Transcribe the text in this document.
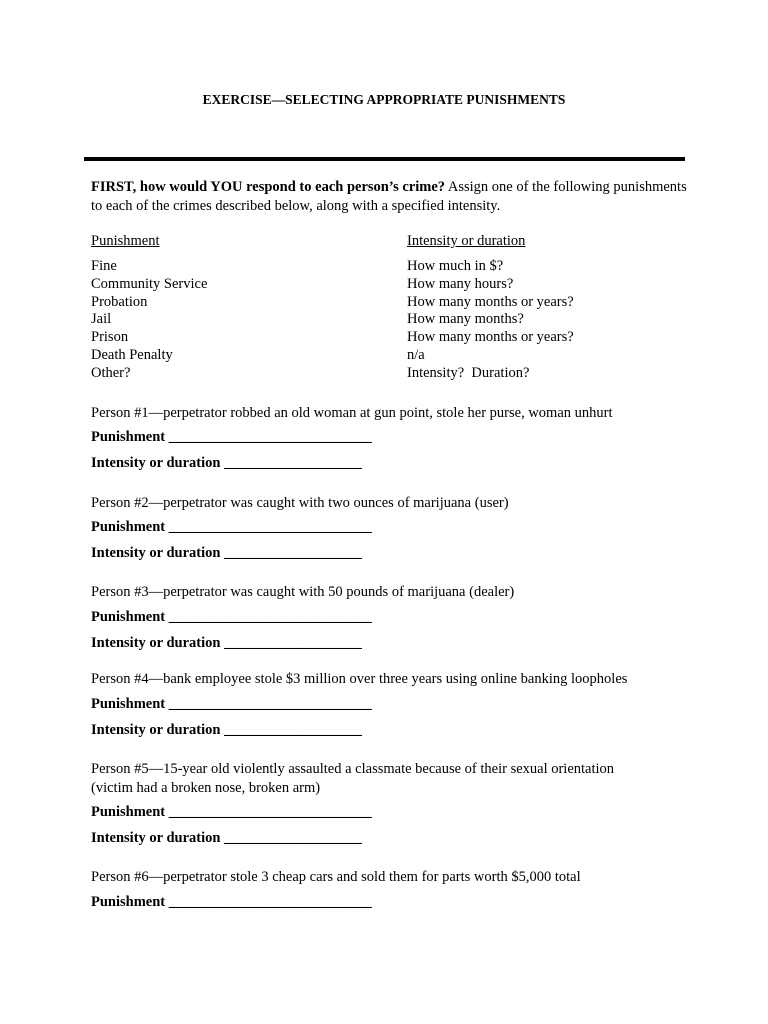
EXERCISE—SELECTING APPROPRIATE PUNISHMENTS
FIRST, how would YOU respond to each person’s crime? Assign one of the following punishments to each of the crimes described below, along with a specified intensity.
Punishment	Intensity or duration
Fine
Community Service
Probation
Jail
Prison
Death Penalty
Other?
How much in $?
How many hours?
How many months or years?
How many months?
How many months or years?
n/a
Intensity?  Duration?
Person #1—perpetrator robbed an old woman at gun point, stole her purse, woman unhurt
Punishment ____________________________
Intensity or duration ___________________
Person #2—perpetrator was caught with two ounces of marijuana (user)
Punishment ____________________________
Intensity or duration ___________________
Person #3—perpetrator was caught with 50 pounds of marijuana (dealer)
Punishment ____________________________
Intensity or duration ___________________
Person #4—bank employee stole $3 million over three years using online banking loopholes
Punishment ____________________________
Intensity or duration ___________________
Person #5—15-year old violently assaulted a classmate because of their sexual orientation (victim had a broken nose, broken arm)
Punishment ____________________________
Intensity or duration ___________________
Person #6—perpetrator stole 3 cheap cars and sold them for parts worth $5,000 total
Punishment ____________________________
